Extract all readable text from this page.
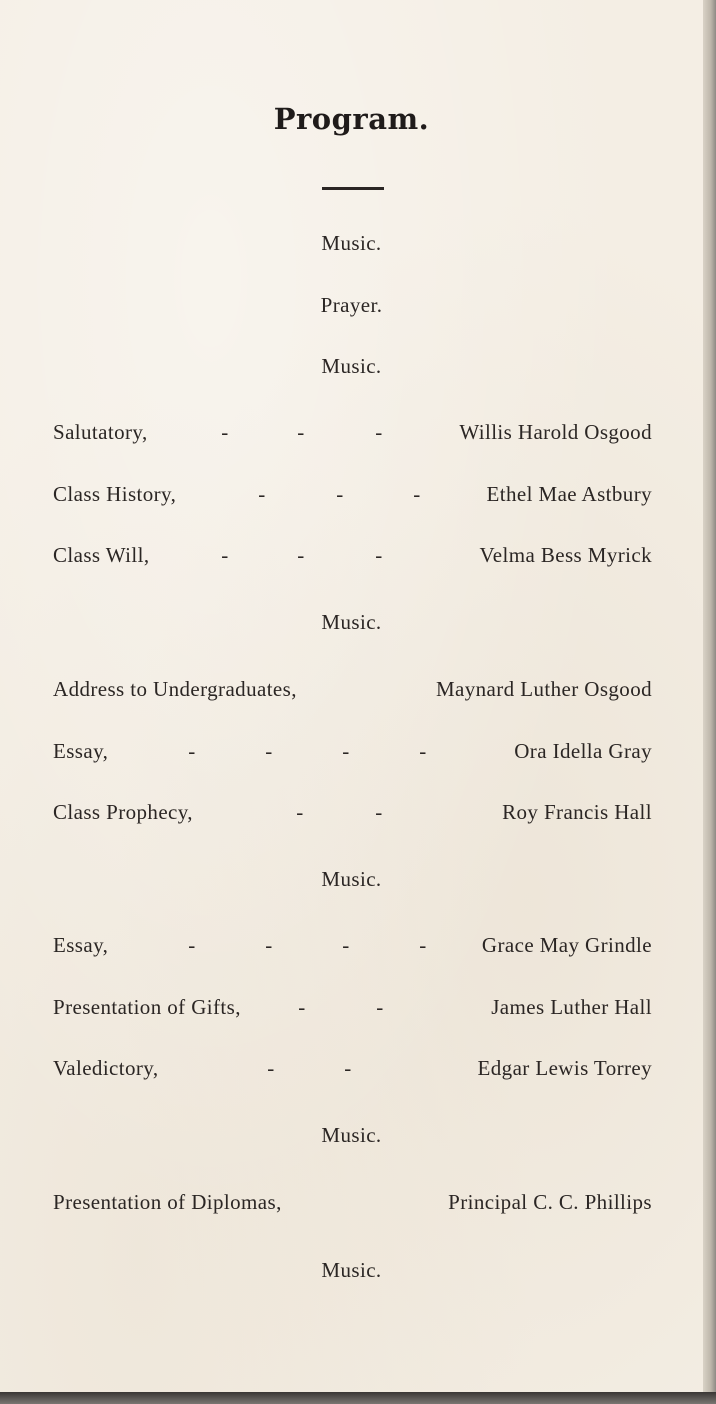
Program.
Music.
Prayer.
Music.
Salutatory,	-	-	-	Willis Harold Osgood
Class History,	-	-	-	Ethel Mae Astbury
Class Will,	-	-	-	Velma Bess Myrick
Music.
Address to Undergraduates,	Maynard Luther Osgood
Essay,	-	-	-	-	Ora Idella Gray
Class Prophecy,	-	-	Roy Francis Hall
Music.
Essay,	-	-	-	-	Grace May Grindle
Presentation of Gifts,	-	-	James Luther Hall
Valedictory,	-	-	Edgar Lewis Torrey
Music.
Presentation of Diplomas,	Principal C. C. Phillips
Music.
